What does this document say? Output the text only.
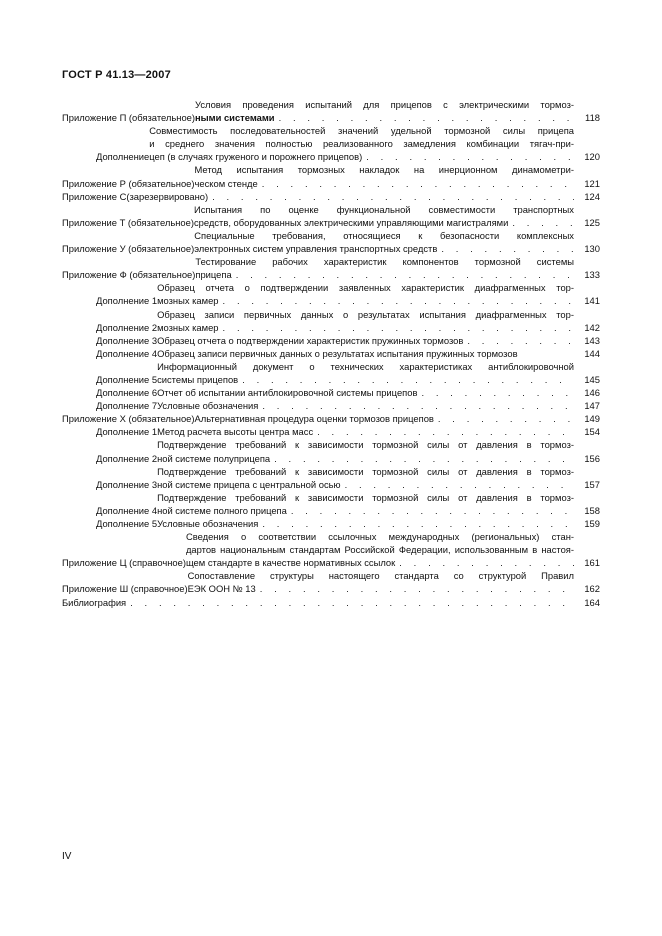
ГОСТ Р 41.13—2007
Приложение П (обязательное)
Условия проведения испытаний для прицепов с электрическими тормоз-
ными системами . . .	118
Дополнение
Совместимость последовательностей значений удельной тормозной силы прицепа
и среднего значения полностью реализованного замедления комбинации тягач-при-
цеп (в случаях груженого и порожнего прицепов) . . .	120
Приложение Р (обязательное)
Метод испытания тормозных накладок на инерционном динамометри-
ческом стенде . . .	121
Приложение С (зарезервировано) . . .	124
Приложение Т (обязательное)
Испытания по оценке функциональной совместимости транспортных
средств, оборудованных электрическими управляющими магистралями . . .	125
Приложение У (обязательное)
Специальные требования, относящиеся к безопасности комплексных
электронных систем управления транспортных средств . . .	130
Приложение Ф (обязательное)
Тестирование рабочих характеристик компонентов тормозной системы
прицепа . . .	133
Дополнение 1
Образец отчета о подтверждении заявленных характеристик диафрагменных тор-
мозных камер . . .	141
Дополнение 2
Образец записи первичных данных о результатах испытания диафрагменных тор-
мозных камер . . .	142
Дополнение 3 Образец отчета о подтверждении характеристик пружинных тормозов . . .	143
Дополнение 4 Образец записи первичных данных о результатах испытания пружинных тормозов	144
Дополнение 5
Информационный документ о технических характеристиках антиблокировочной
системы прицепов . . .	145
Дополнение 6 Отчет об испытании антиблокировочной системы прицепов . . .	146
Дополнение 7 Условные обозначения . . .	147
Приложение Х (обязательное) Альтернативная процедура оценки тормозов прицепов . . .	149
Дополнение 1 Метод расчета высоты центра масс . . .	154
Дополнение 2
Подтверждение требований к зависимости тормозной силы от давления в тормоз-
ной системе полуприцепа . . .	156
Дополнение 3
Подтверждение требований к зависимости тормозной силы от давления в тормоз-
ной системе прицепа с центральной осью . . .	157
Дополнение 4
Подтверждение требований к зависимости тормозной силы от давления в тормоз-
ной системе полного прицепа . . .	158
Дополнение 5 Условные обозначения . . .	159
Приложение Ц (справочное)
Сведения о соответствии ссылочных международных (региональных) стан-
дартов национальным стандартам Российской Федерации, использованным в настоя-
щем стандарте в качестве нормативных ссылок . . .	161
Приложение Ш (справочное)
Сопоставление структуры настоящего стандарта со структурой Правил
ЕЭК ООН № 13 . . .	162
Библиография . . .	164
IV
